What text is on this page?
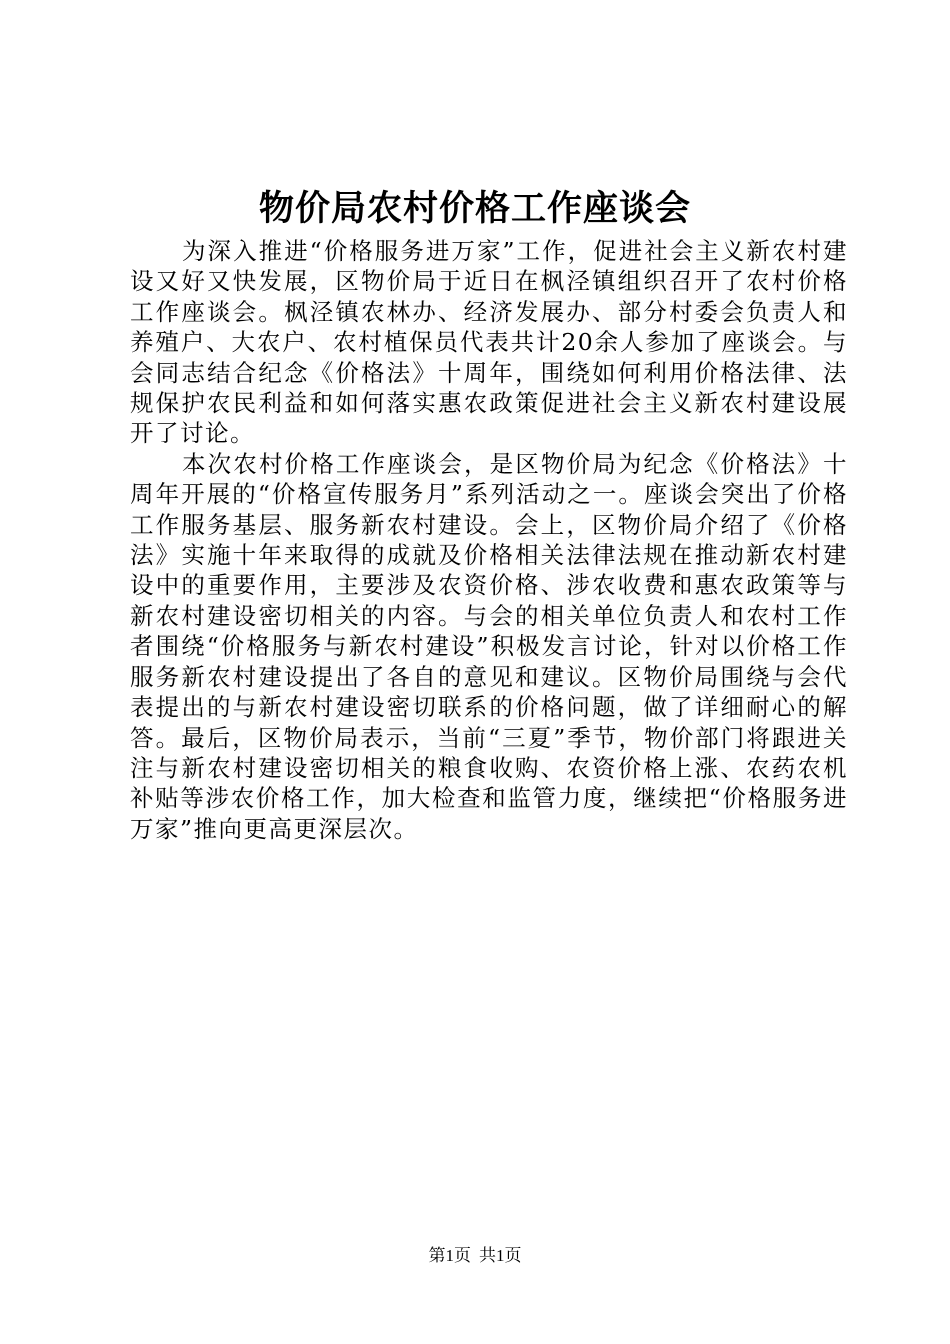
物价局农村价格工作座谈会

为深入推进“价格服务进万家”工作，促进社会主义新农村建设又好又快发展，区物价局于近日在枫泾镇组织召开了农村价格工作座谈会。枫泾镇农林办、经济发展办、部分村委会负责人和养殖户、大农户、农村植保员代表共计20余人参加了座谈会。与会同志结合纪念《价格法》十周年，围绕如何利用价格法律、法规保护农民利益和如何落实惠农政策促进社会主义新农村建设展开了讨论。

本次农村价格工作座谈会，是区物价局为纪念《价格法》十周年开展的“价格宣传服务月”系列活动之一。座谈会突出了价格工作服务基层、服务新农村建设。会上，区物价局介绍了《价格法》实施十年来取得的成就及价格相关法律法规在推动新农村建设中的重要作用，主要涉及农资价格、涉农收费和惠农政策等与新农村建设密切相关的内容。与会的相关单位负责人和农村工作者围绕“价格服务与新农村建设”积极发言讨论，针对以价格工作服务新农村建设提出了各自的意见和建议。区物价局围绕与会代表提出的与新农村建设密切联系的价格问题，做了详细耐心的解答。最后，区物价局表示，当前“三夏”季节，物价部门将跟进关注与新农村建设密切相关的粮食收购、农资价格上涨、农药农机补贴等涉农价格工作，加大检查和监管力度，继续把“价格服务进万家”推向更高更深层次。

第1页 共1页
